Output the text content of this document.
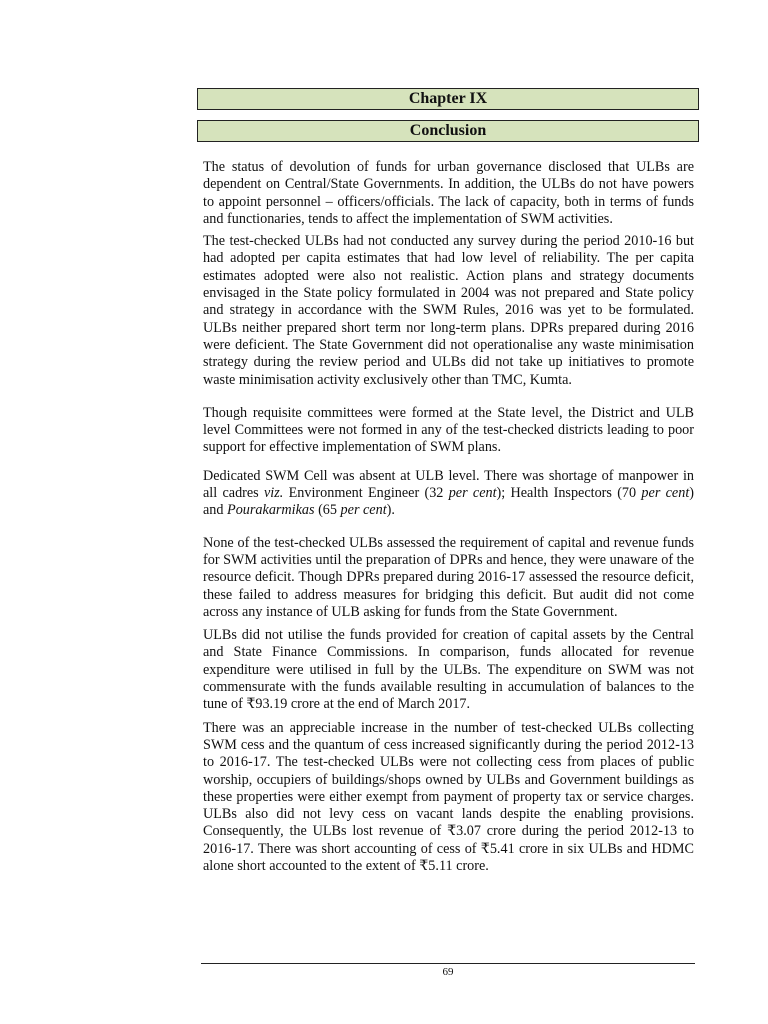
Chapter IX
Conclusion

The status of devolution of funds for urban governance disclosed that ULBs are dependent on Central/State Governments. In addition, the ULBs do not have powers to appoint personnel – officers/officials. The lack of capacity, both in terms of funds and functionaries, tends to affect the implementation of SWM activities.

The test-checked ULBs had not conducted any survey during the period 2010-16 but had adopted per capita estimates that had low level of reliability. The per capita estimates adopted were also not realistic. Action plans and strategy documents envisaged in the State policy formulated in 2004 was not prepared and State policy and strategy in accordance with the SWM Rules, 2016 was yet to be formulated. ULBs neither prepared short term nor long-term plans. DPRs prepared during 2016 were deficient. The State Government did not operationalise any waste minimisation strategy during the review period and ULBs did not take up initiatives to promote waste minimisation activity exclusively other than TMC, Kumta.

Though requisite committees were formed at the State level, the District and ULB level Committees were not formed in any of the test-checked districts leading to poor support for effective implementation of SWM plans.

Dedicated SWM Cell was absent at ULB level. There was shortage of manpower in all cadres viz. Environment Engineer (32 per cent); Health Inspectors (70 per cent) and Pourakarmikas (65 per cent).

None of the test-checked ULBs assessed the requirement of capital and revenue funds for SWM activities until the preparation of DPRs and hence, they were unaware of the resource deficit. Though DPRs prepared during 2016-17 assessed the resource deficit, these failed to address measures for bridging this deficit. But audit did not come across any instance of ULB asking for funds from the State Government.

ULBs did not utilise the funds provided for creation of capital assets by the Central and State Finance Commissions. In comparison, funds allocated for revenue expenditure were utilised in full by the ULBs. The expenditure on SWM was not commensurate with the funds available resulting in accumulation of balances to the tune of ₹93.19 crore at the end of March 2017.

There was an appreciable increase in the number of test-checked ULBs collecting SWM cess and the quantum of cess increased significantly during the period 2012-13 to 2016-17. The test-checked ULBs were not collecting cess from places of public worship, occupiers of buildings/shops owned by ULBs and Government buildings as these properties were either exempt from payment of property tax or service charges. ULBs also did not levy cess on vacant lands despite the enabling provisions. Consequently, the ULBs lost revenue of ₹3.07 crore during the period 2012-13 to 2016-17. There was short accounting of cess of ₹5.41 crore in six ULBs and HDMC alone short accounted to the extent of ₹5.11 crore.

69
